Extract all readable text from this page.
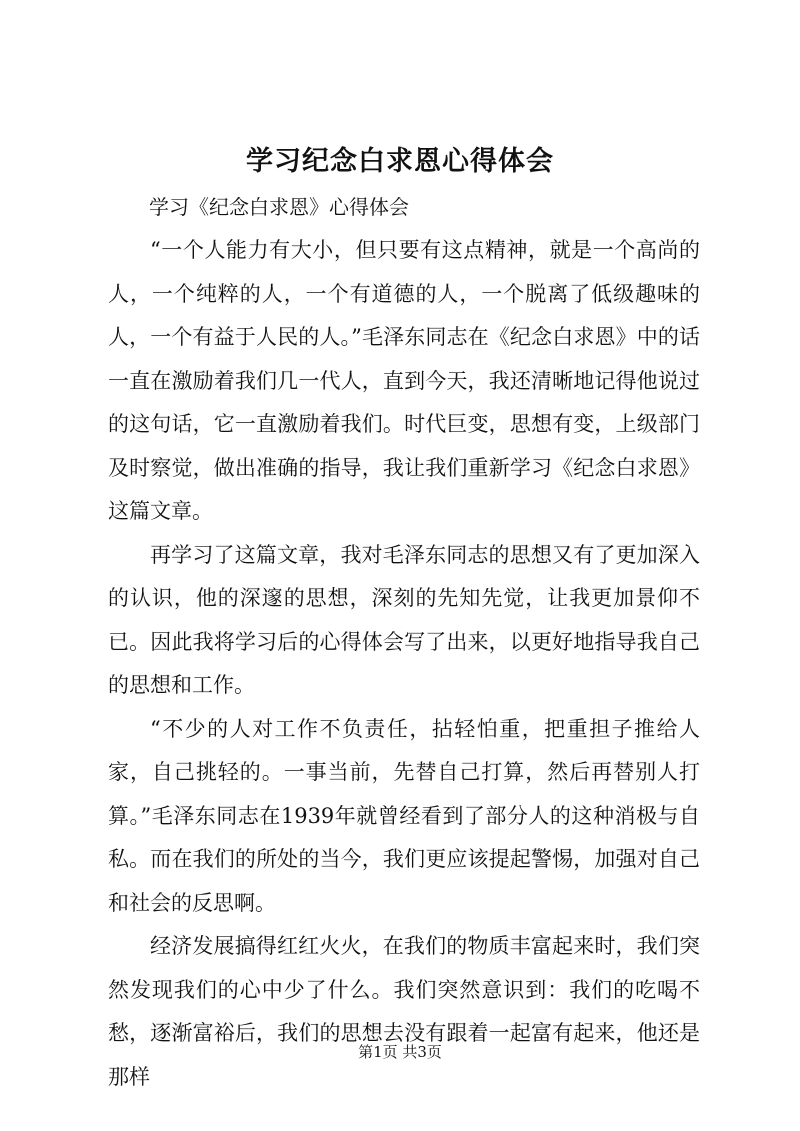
学习纪念白求恩心得体会

学习《纪念白求恩》心得体会

“一个人能力有大小，但只要有这点精神，就是一个高尚的人，一个纯粹的人，一个有道德的人，一个脱离了低级趣味的人，一个有益于人民的人。”毛泽东同志在《纪念白求恩》中的话一直在激励着我们几一代人，直到今天，我还清晰地记得他说过的这句话，它一直激励着我们。时代巨变，思想有变，上级部门及时察觉，做出准确的指导，我让我们重新学习《纪念白求恩》这篇文章。

再学习了这篇文章，我对毛泽东同志的思想又有了更加深入的认识，他的深邃的思想，深刻的先知先觉，让我更加景仰不已。因此我将学习后的心得体会写了出来，以更好地指导我自己的思想和工作。

“不少的人对工作不负责任，拈轻怕重，把重担子推给人家，自己挑轻的。一事当前，先替自己打算，然后再替别人打算。”毛泽东同志在1939年就曾经看到了部分人的这种消极与自私。而在我们的所处的当今，我们更应该提起警惕，加强对自己和社会的反思啊。

经济发展搞得红红火火，在我们的物质丰富起来时，我们突然发现我们的心中少了什么。我们突然意识到：我们的吃喝不愁，逐渐富裕后，我们的思想去没有跟着一起富有起来，他还是那样

第1页 共3页
